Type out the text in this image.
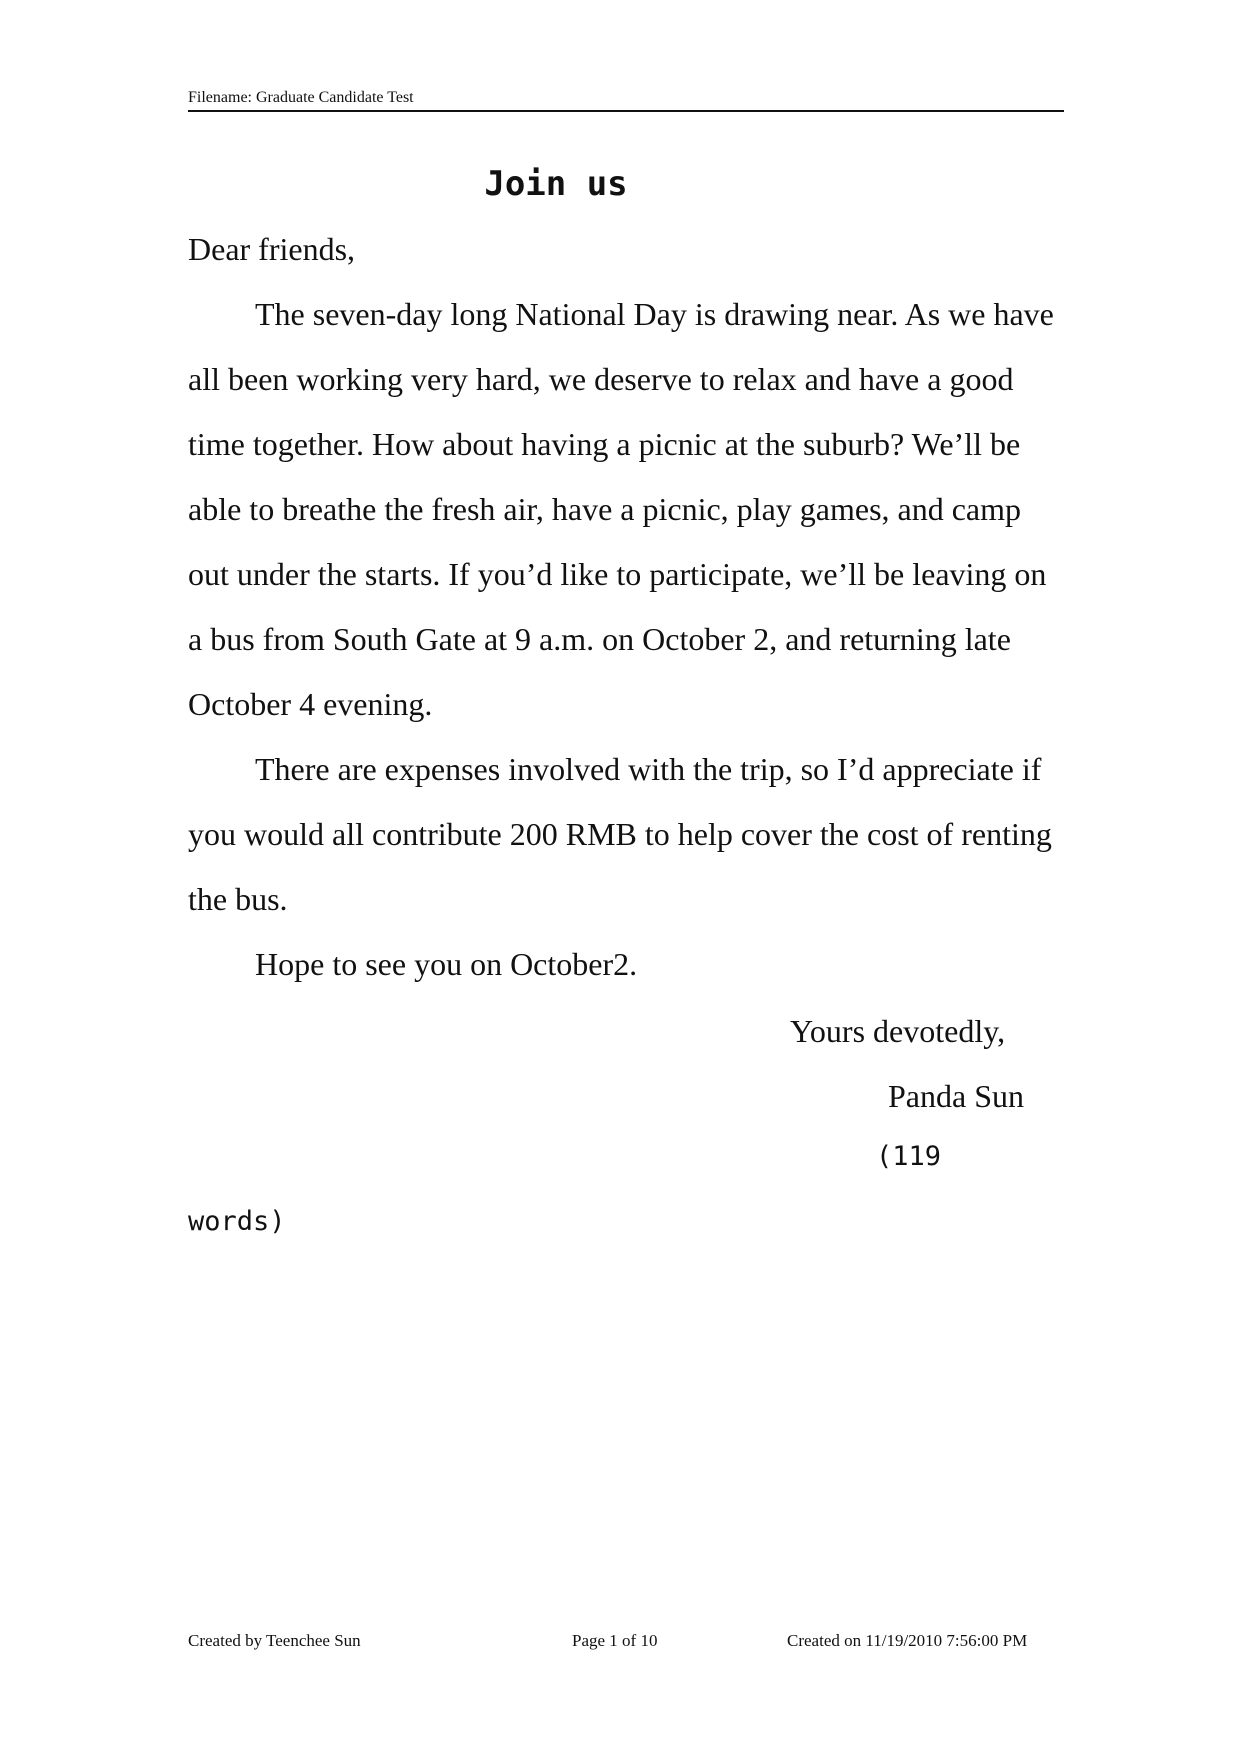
Filename: Graduate Candidate Test
Join us

Dear friends,

The seven-day long National Day is drawing near. As we have all been working very hard, we deserve to relax and have a good time together. How about having a picnic at the suburb? We’ll be able to breathe the fresh air, have a picnic, play games, and camp out under the starts. If you’d like to participate, we’ll be leaving on a bus from South Gate at 9 a.m. on October 2, and returning late October 4 evening.

There are expenses involved with the trip, so I’d appreciate if you would all contribute 200 RMB to help cover the cost of renting the bus.

Hope to see you on October2.

Yours devotedly,
Panda Sun
(119
words)
Created by Teenchee Sun	Page 1 of 10	Created on 11/19/2010 7:56:00 PM
